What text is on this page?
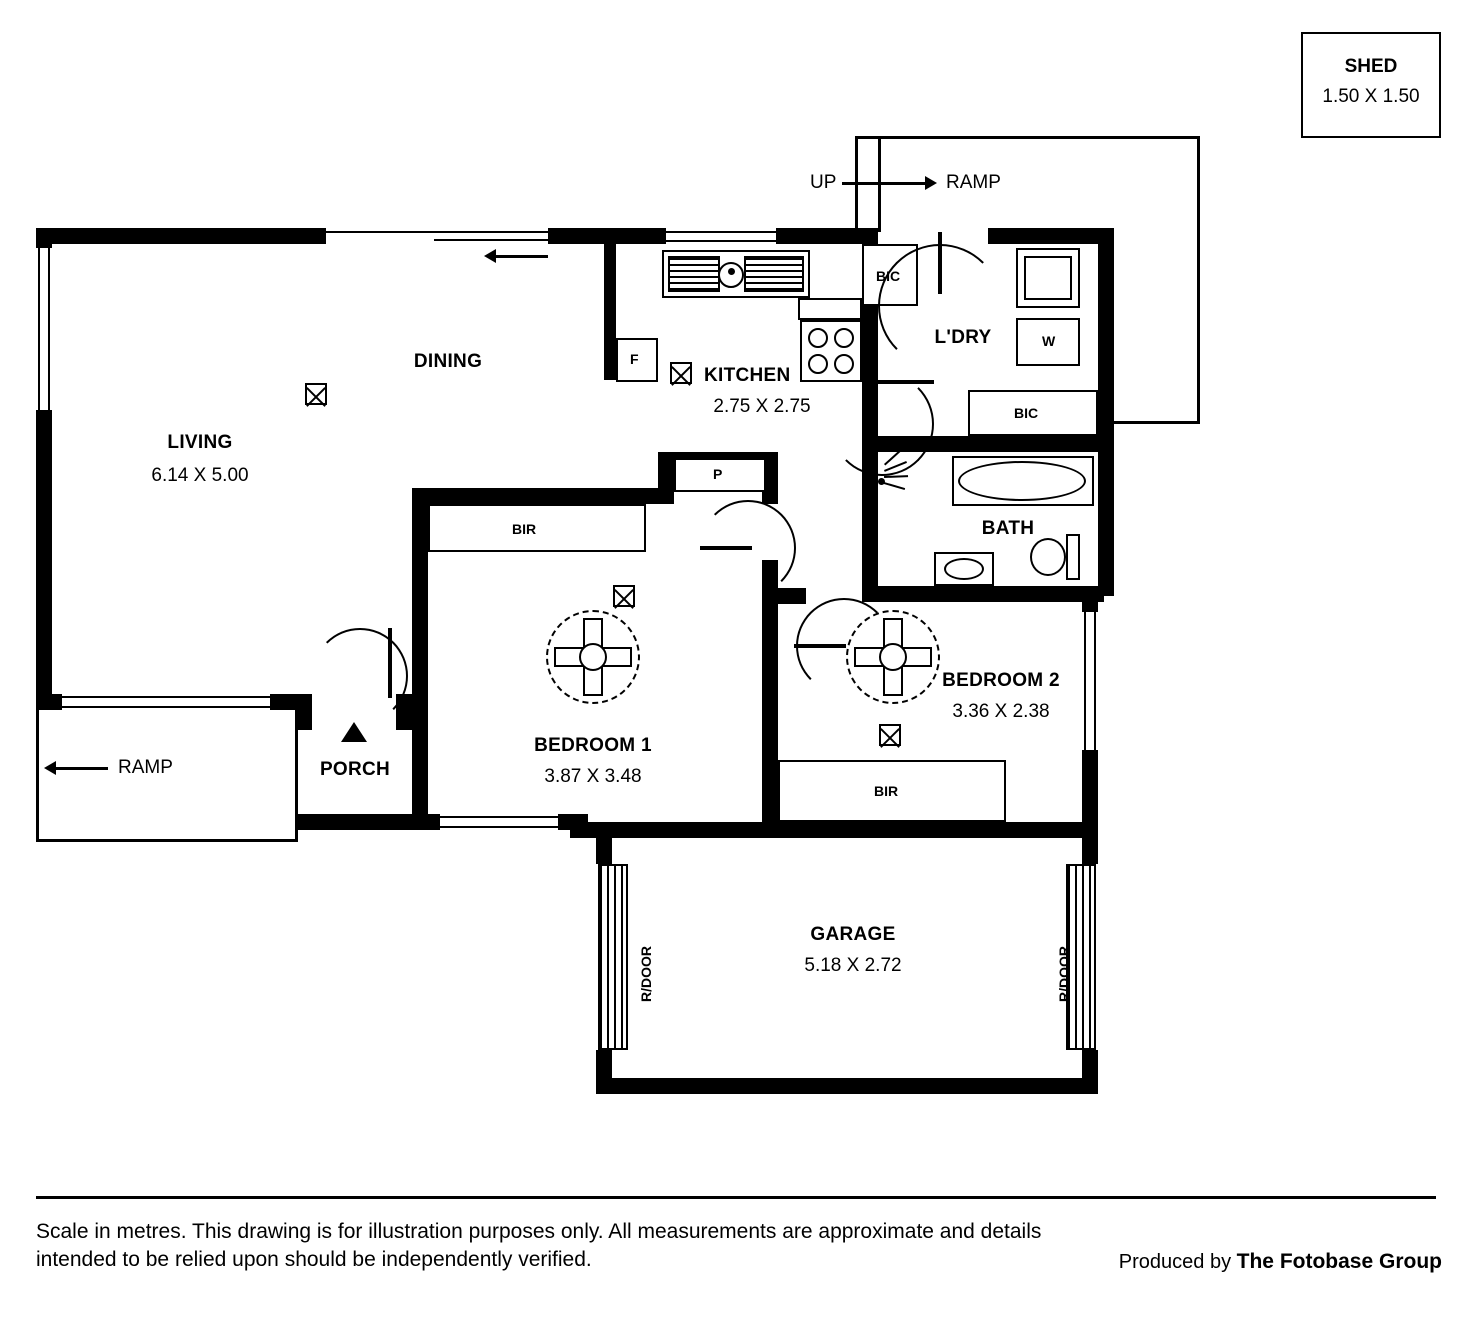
SHED
1.50 X 1.50
F
P
BIC
W
BIC
BIR
BIR
UP	RAMP
RAMP
LIVING
6.14 X 5.00
DINING
KITCHEN
2.75 X 2.75
L'DRY
BATH
BEDROOM 1
3.87 X 3.48
BEDROOM 2
3.36 X 2.38
GARAGE
5.18 X 2.72
PORCH
R/DOOR	R/DOOR
Scale in metres. This drawing is for illustration purposes only. All measurements are approximate and details intended to be relied upon should be independently verified.	Produced by The Fotobase Group
